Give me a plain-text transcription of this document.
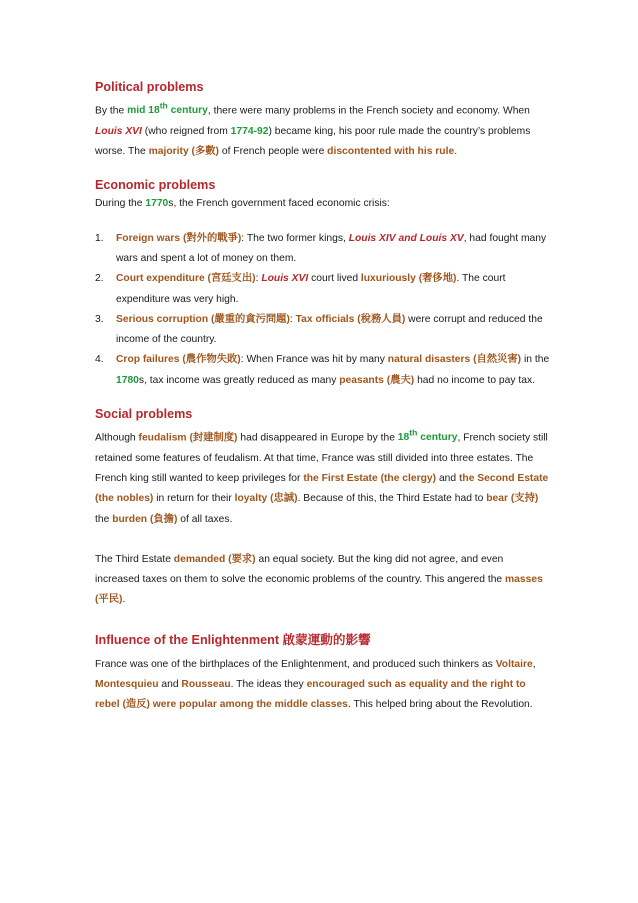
Political problems

By the mid 18th century, there were many problems in the French society and economy. When Louis XVI (who reigned from 1774-92) became king, his poor rule made the country’s problems worse. The majority (多數) of French people were discontented with his rule.

Economic problems

During the 1770s, the French government faced economic crisis:

1. Foreign wars (對外的戰爭): The two former kings, Louis XIV and Louis XV, had fought many wars and spent a lot of money on them.
2. Court expenditure (宮廷支出): Louis XVI court lived luxuriously (奢侈地). The court expenditure was very high.
3. Serious corruption (嚴重的貪污問題): Tax officials (稅務人員) were corrupt and reduced the income of the country.
4. Crop failures (農作物失敗): When France was hit by many natural disasters (自然災害) in the 1780s, tax income was greatly reduced as many peasants (農夫) had no income to pay tax.
Social problems

Although feudalism (封建制度) had disappeared in Europe by the 18th century, French society still retained some features of feudalism. At that time, France was still divided into three estates. The French king still wanted to keep privileges for the First Estate (the clergy) and the Second Estate (the nobles) in return for their loyalty (忠誠). Because of this, the Third Estate had to bear (支持) the burden (負擔) of all taxes.

The Third Estate demanded (要求) an equal society. But the king did not agree, and even increased taxes on them to solve the economic problems of the country. This angered the masses (平民).

Influence of the Enlightenment 啟蒙運動的影響

France was one of the birthplaces of the Enlightenment, and produced such thinkers as Voltaire, Montesquieu and Rousseau. The ideas they encouraged such as equality and the right to rebel (造反) were popular among the middle classes. This helped bring about the Revolution.
